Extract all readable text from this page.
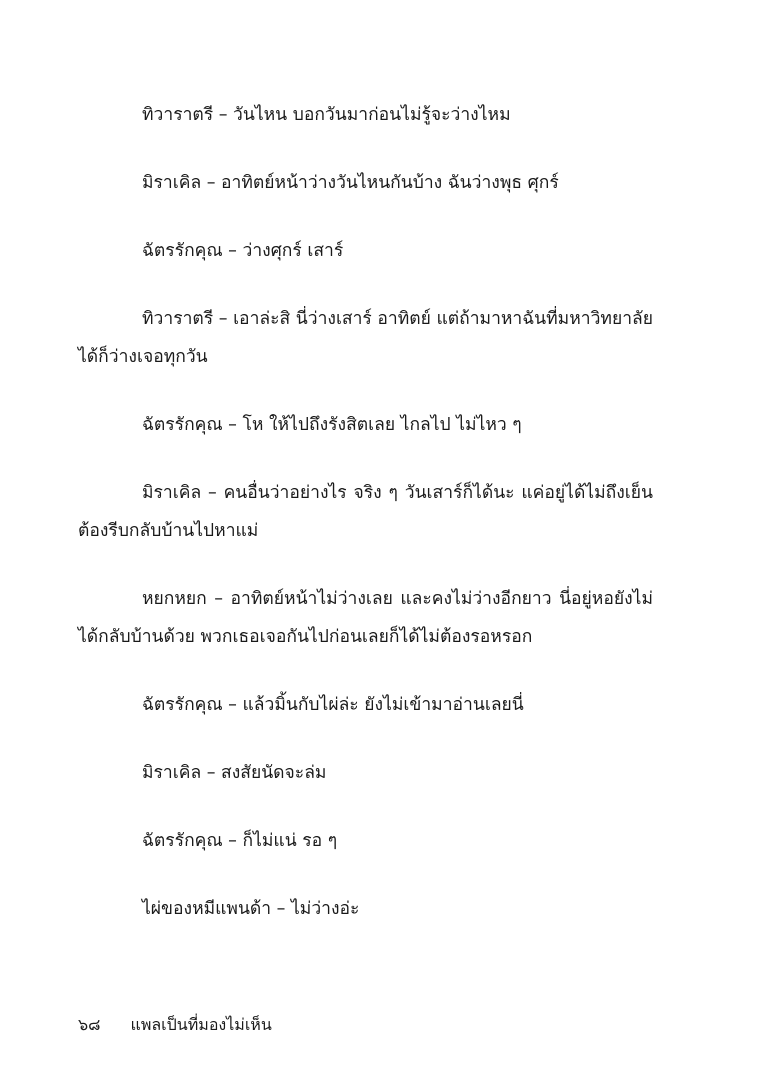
ทิวาราตรี – วันไหน บอกวันมาก่อนไม่รู้จะว่างไหม

มิราเคิล – อาทิตย์หน้าว่างวันไหนกันบ้าง ฉันว่างพุธ ศุกร์

ฉัตรรักคุณ – ว่างศุกร์ เสาร์

ทิวาราตรี – เอาล่ะสิ นี่ว่างเสาร์ อาทิตย์ แต่ถ้ามาหาฉันที่มหาวิทยาลัยได้ก็ว่างเจอทุกวัน

ฉัตรรักคุณ – โห ให้ไปถึงรังสิตเลย ไกลไป ไม่ไหว ๆ

มิราเคิล – คนอื่นว่าอย่างไร จริง ๆ วันเสาร์ก็ได้นะ แค่อยู่ได้ไม่ถึงเย็นต้องรีบกลับบ้านไปหาแม่

หยกหยก – อาทิตย์หน้าไม่ว่างเลย และคงไม่ว่างอีกยาว นี่อยู่หอยังไม่ได้กลับบ้านด้วย พวกเธอเจอกันไปก่อนเลยก็ได้ไม่ต้องรอหรอก

ฉัตรรักคุณ – แล้วมิ้นกับไผ่ล่ะ ยังไม่เข้ามาอ่านเลยนี่

มิราเคิล – สงสัยนัดจะล่ม

ฉัตรรักคุณ – ก็ไม่แน่ รอ ๆ

ไผ่ของหมีแพนด้า – ไม่ว่างอ่ะ

๖๘ แพลเป็นที่มองไม่เห็น
